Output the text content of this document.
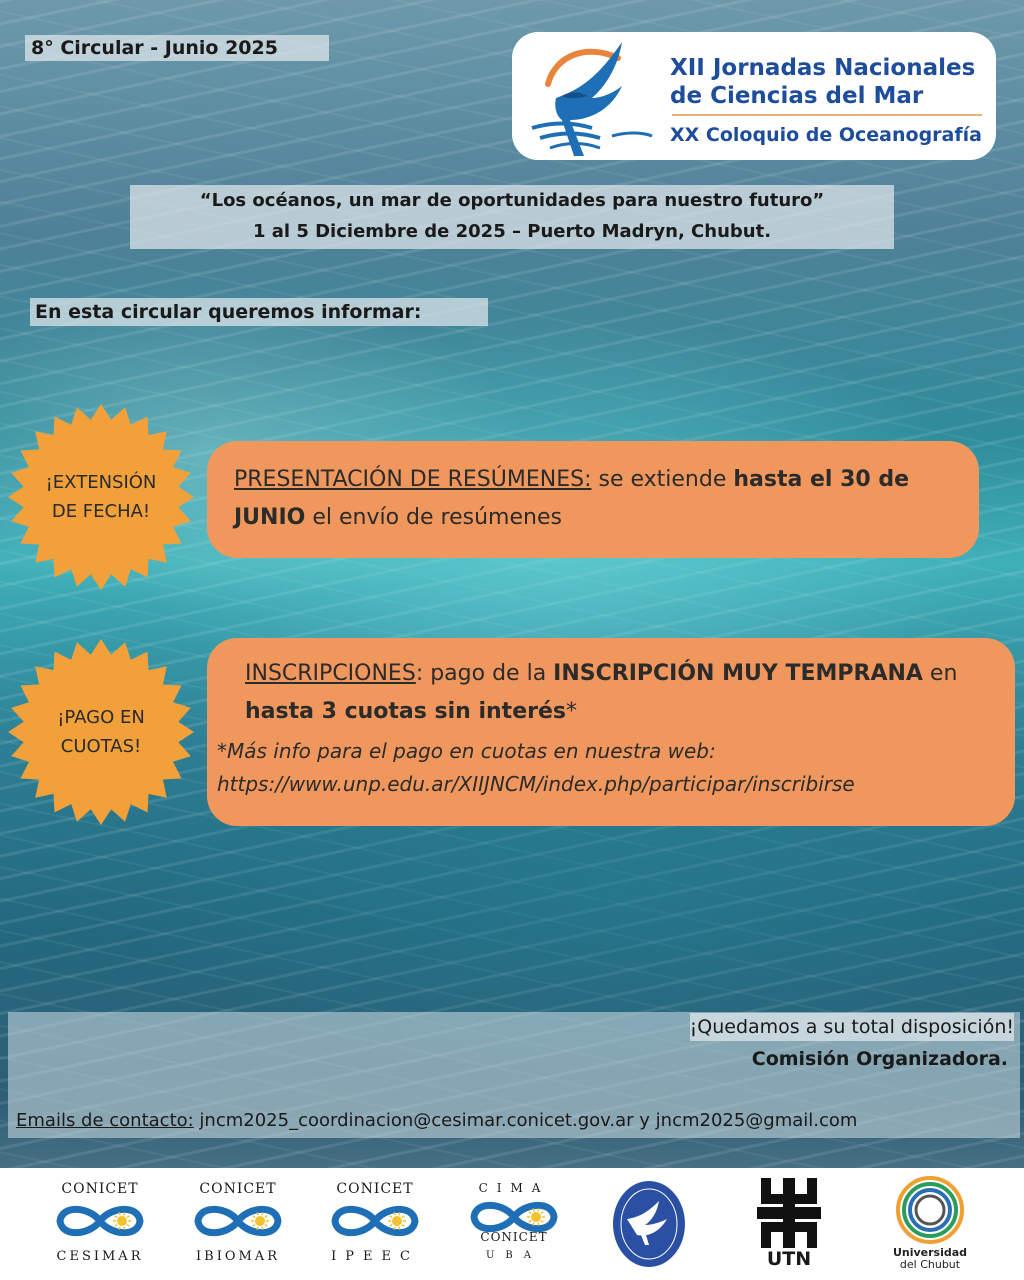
8° Circular - Junio 2025
XII Jornadas Nacionales
de Ciencias del Mar
XX Coloquio de Oceanografía
“Los océanos, un mar de oportunidades para nuestro futuro”
1 al 5 Diciembre de 2025 – Puerto Madryn, Chubut.
En esta circular queremos informar:
¡EXTENSIÓN
DE FECHA!
PRESENTACIÓN DE RESÚMENES: se extiende hasta el 30 de JUNIO el envío de resúmenes
¡PAGO EN
CUOTAS!
INSCRIPCIONES: pago de la INSCRIPCIÓN MUY TEMPRANA en hasta 3 cuotas sin interés*
*Más info para el pago en cuotas en nuestra web:
https://www.unp.edu.ar/XIIJNCM/index.php/participar/inscribirse
¡Quedamos a su total disposición!
Comisión Organizadora.
Emails de contacto: jncm2025_coordinacion@cesimar.conicet.gov.ar y jncm2025@gmail.com
CONICET
CESIMAR
CONICET
IBIOMAR
CONICET
IPEEC
CIMA
CONICET
UBA	UTN	Universidad
del Chubut
